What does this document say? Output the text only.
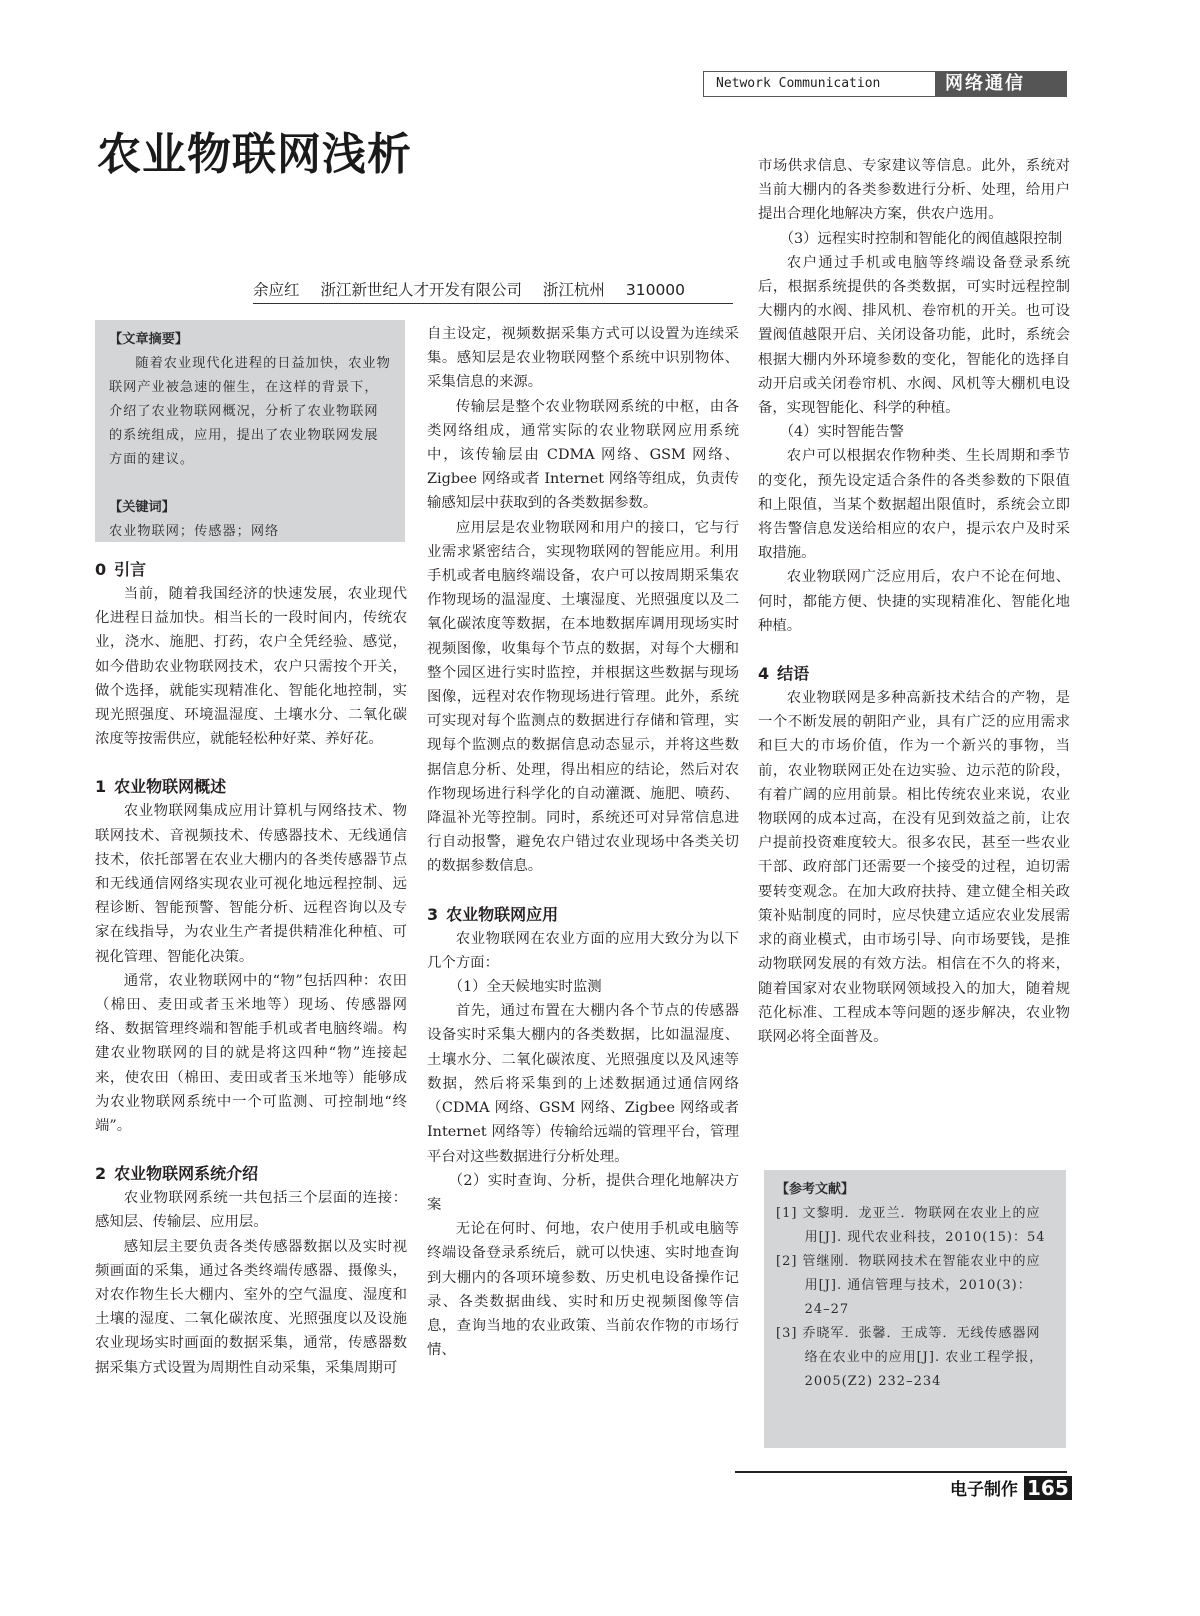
Network Communication	网络通信
农业物联网浅析
余应红 浙江新世纪人才开发有限公司 浙江杭州 310000
【文章摘要】

随着农业现代化进程的日益加快，农业物联网产业被急速的催生，在这样的背景下，介绍了农业物联网概况，分析了农业物联网的系统组成，应用，提出了农业物联网发展方面的建议。

【关键词】
农业物联网；传感器；网络
0 引言

当前，随着我国经济的快速发展，农业现代化进程日益加快。相当长的一段时间内，传统农业，浇水、施肥、打药，农户全凭经验、感觉，如今借助农业物联网技术，农户只需按个开关，做个选择，就能实现精准化、智能化地控制，实现光照强度、环境温湿度、土壤水分、二氧化碳浓度等按需供应，就能轻松种好菜、养好花。

1 农业物联网概述

农业物联网集成应用计算机与网络技术、物联网技术、音视频技术、传感器技术、无线通信技术，依托部署在农业大棚内的各类传感器节点和无线通信网络实现农业可视化地远程控制、远程诊断、智能预警、智能分析、远程咨询以及专家在线指导，为农业生产者提供精准化种植、可视化管理、智能化决策。

通常，农业物联网中的“物”包括四种：农田（棉田、麦田或者玉米地等）现场、传感器网络、数据管理终端和智能手机或者电脑终端。构建农业物联网的目的就是将这四种“物”连接起来，使农田（棉田、麦田或者玉米地等）能够成为农业物联网系统中一个可监测、可控制地“终端”。

2 农业物联网系统介绍

农业物联网系统一共包括三个层面的连接：感知层、传输层、应用层。

感知层主要负责各类传感器数据以及实时视频画面的采集，通过各类终端传感器、摄像头，对农作物生长大棚内、室外的空气温度、湿度和土壤的湿度、二氧化碳浓度、光照强度以及设施农业现场实时画面的数据采集，通常，传感器数据采集方式设置为周期性自动采集，采集周期可

自主设定，视频数据采集方式可以设置为连续采集。感知层是农业物联网整个系统中识别物体、采集信息的来源。

传输层是整个农业物联网系统的中枢，由各类网络组成，通常实际的农业物联网应用系统中，该传输层由 CDMA 网络、GSM 网络、Zigbee 网络或者 Internet 网络等组成，负责传输感知层中获取到的各类数据参数。

应用层是农业物联网和用户的接口，它与行业需求紧密结合，实现物联网的智能应用。利用手机或者电脑终端设备，农户可以按周期采集农作物现场的温湿度、土壤湿度、光照强度以及二氧化碳浓度等数据，在本地数据库调用现场实时视频图像，收集每个节点的数据，对每个大棚和整个园区进行实时监控，并根据这些数据与现场图像，远程对农作物现场进行管理。此外，系统可实现对每个监测点的数据进行存储和管理，实现每个监测点的数据信息动态显示，并将这些数据信息分析、处理，得出相应的结论，然后对农作物现场进行科学化的自动灌溉、施肥、喷药、降温补光等控制。同时，系统还可对异常信息进行自动报警，避免农户错过农业现场中各类关切的数据参数信息。

3 农业物联网应用

农业物联网在农业方面的应用大致分为以下几个方面：

（1）全天候地实时监测

首先，通过布置在大棚内各个节点的传感器设备实时采集大棚内的各类数据，比如温湿度、土壤水分、二氧化碳浓度、光照强度以及风速等数据，然后将采集到的上述数据通过通信网络（CDMA 网络、GSM 网络、Zigbee 网络或者 Internet 网络等）传输给远端的管理平台，管理平台对这些数据进行分析处理。

（2）实时查询、分析，提供合理化地解决方案

无论在何时、何地，农户使用手机或电脑等终端设备登录系统后，就可以快速、实时地查询到大棚内的各项环境参数、历史机电设备操作记录、各类数据曲线、实时和历史视频图像等信息，查询当地的农业政策、当前农作物的市场行情、

市场供求信息、专家建议等信息。此外，系统对当前大棚内的各类参数进行分析、处理，给用户提出合理化地解决方案，供农户选用。

（3）远程实时控制和智能化的阀值越限控制

农户通过手机或电脑等终端设备登录系统后，根据系统提供的各类数据，可实时远程控制大棚内的水阀、排风机、卷帘机的开关。也可设置阀值越限开启、关闭设备功能，此时，系统会根据大棚内外环境参数的变化，智能化的选择自动开启或关闭卷帘机、水阀、风机等大棚机电设备，实现智能化、科学的种植。

（4）实时智能告警

农户可以根据农作物种类、生长周期和季节的变化，预先设定适合条件的各类参数的下限值和上限值，当某个数据超出限值时，系统会立即将告警信息发送给相应的农户，提示农户及时采取措施。

农业物联网广泛应用后，农户不论在何地、何时，都能方便、快捷的实现精准化、智能化地种植。

4 结语

农业物联网是多种高新技术结合的产物，是一个不断发展的朝阳产业，具有广泛的应用需求和巨大的市场价值，作为一个新兴的事物，当前，农业物联网正处在边实验、边示范的阶段，有着广阔的应用前景。相比传统农业来说，农业物联网的成本过高，在没有见到效益之前，让农户提前投资难度较大。很多农民，甚至一些农业干部、政府部门还需要一个接受的过程，迫切需要转变观念。在加大政府扶持、建立健全相关政策补贴制度的同时，应尽快建立适应农业发展需求的商业模式，由市场引导、向市场要钱，是推动物联网发展的有效方法。相信在不久的将来，随着国家对农业物联网领域投入的加大，随着规范化标准、工程成本等问题的逐步解决，农业物联网必将全面普及。

【参考文献】
[1] 文黎明．龙亚兰．物联网在农业上的应用[J]. 现代农业科技，2010(15)：54
[2] 管继刚．物联网技术在智能农业中的应用[J]. 通信管理与技术，2010(3)：24–27
[3] 乔晓军．张馨．王成等．无线传感器网络在农业中的应用[J]. 农业工程学报，2005(Z2) 232–234
电子制作 165
